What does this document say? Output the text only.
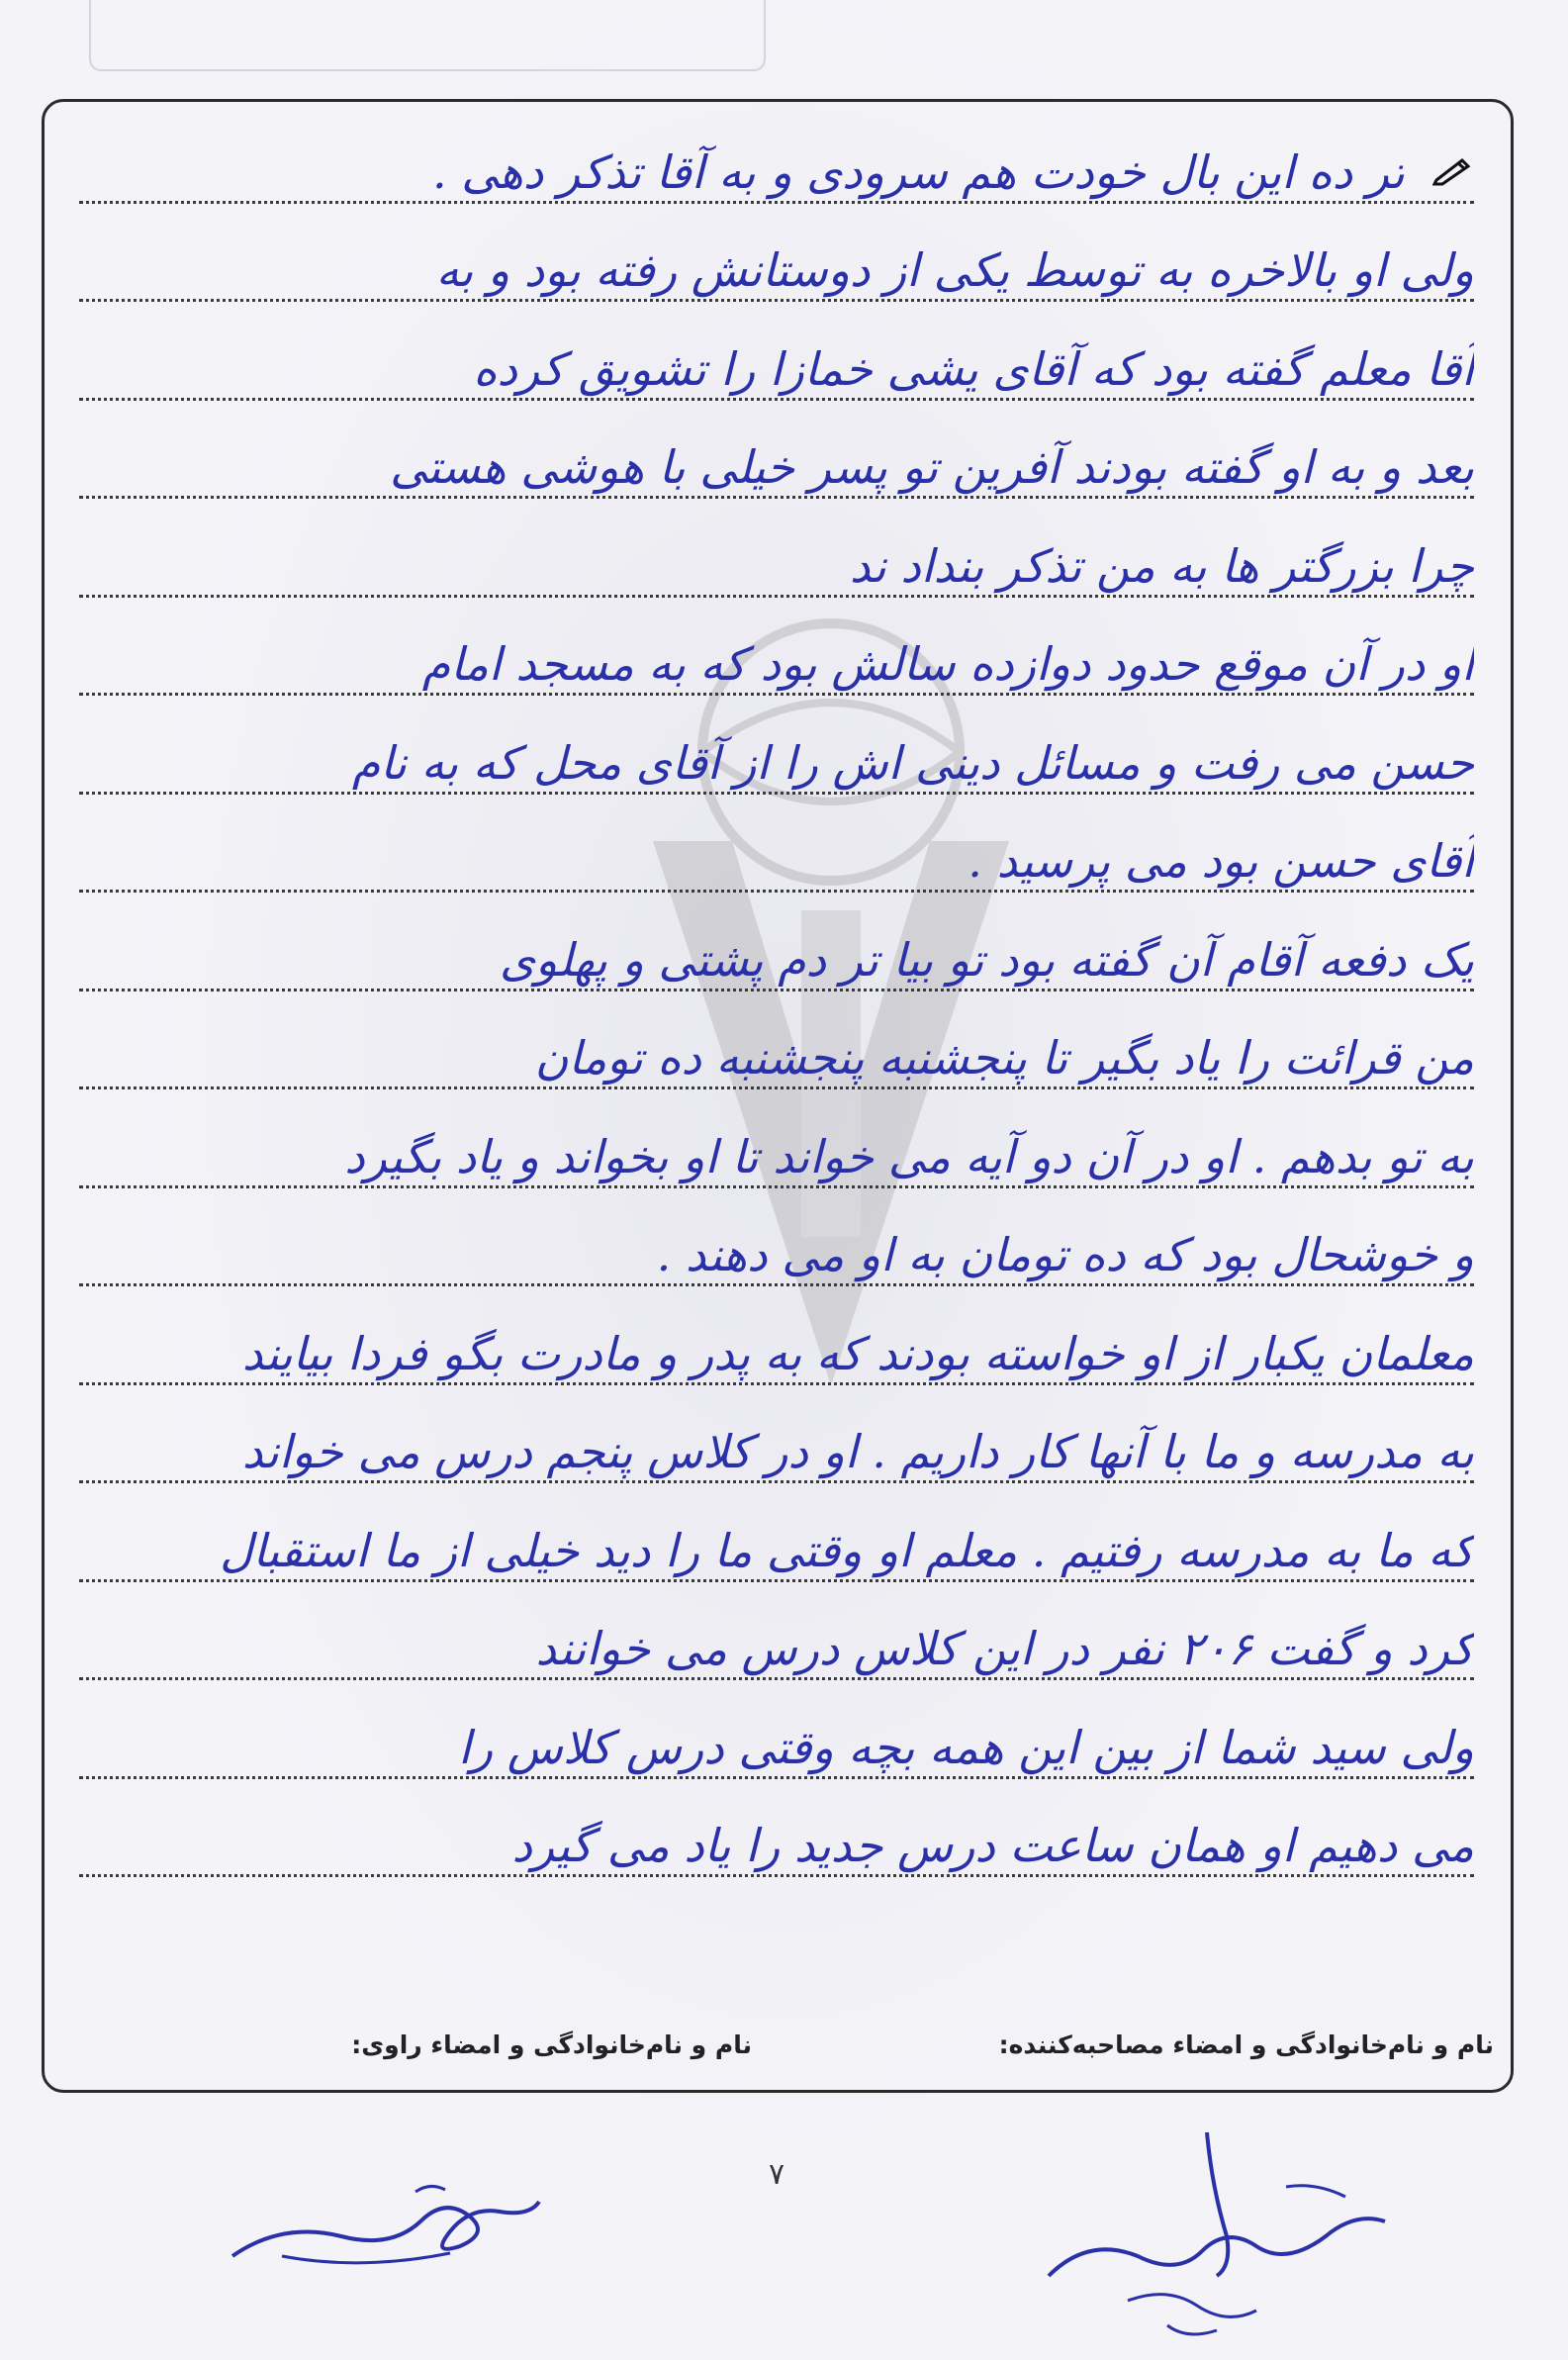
تر ده این بال خودت هم سرودی و به آقا تذکر دهی .
ولی او بالاخره به توسط یکی از دوستانش رفته بود و به
آقا معلم گفته بود که آقای یشی خمازا را تشویق کرده
بعد و به او گفته بودند آفرین تو پسر خیلی با هوشی هستی
چرا بزرگتر ها به من تذکر بنداد ند
او در آن موقع حدود دوازده سالش بود که به مسجد امام
حسن می رفت و مسائل دینی اش را از آقای محل که به نام
آقای حسن بود می پرسید .
یک دفعه آقام آن گفته بود تو بیا تر دم پشتی و پهلوی
من قرائت را یاد بگیر تا پنجشنبه پنجشنبه ده تومان
به تو بدهم . او در آن دو آیه می خواند تا او بخواند و یاد بگیرد
و خوشحال بود که ده تومان به او می دهند .
معلمان یکبار از او خواسته بودند که به پدر و مادرت بگو فردا بیایند
به مدرسه و ما با آنها کار داریم . او در کلاس پنجم درس می خواند
که ما به مدرسه رفتیم . معلم او وقتی ما را دید خیلی از ما استقبال
کرد و گفت ۲۰۶ نفر در این کلاس درس می خوانند
ولی سید شما از بین این همه بچه وقتی درس کلاس را
می دهیم او همان ساعت درس جدید را یاد می گیرد
نام و نام‌خانوادگی و امضاء مصاحبه‌کننده:
نام و نام‌خانوادگی و امضاء راوی:
۷
